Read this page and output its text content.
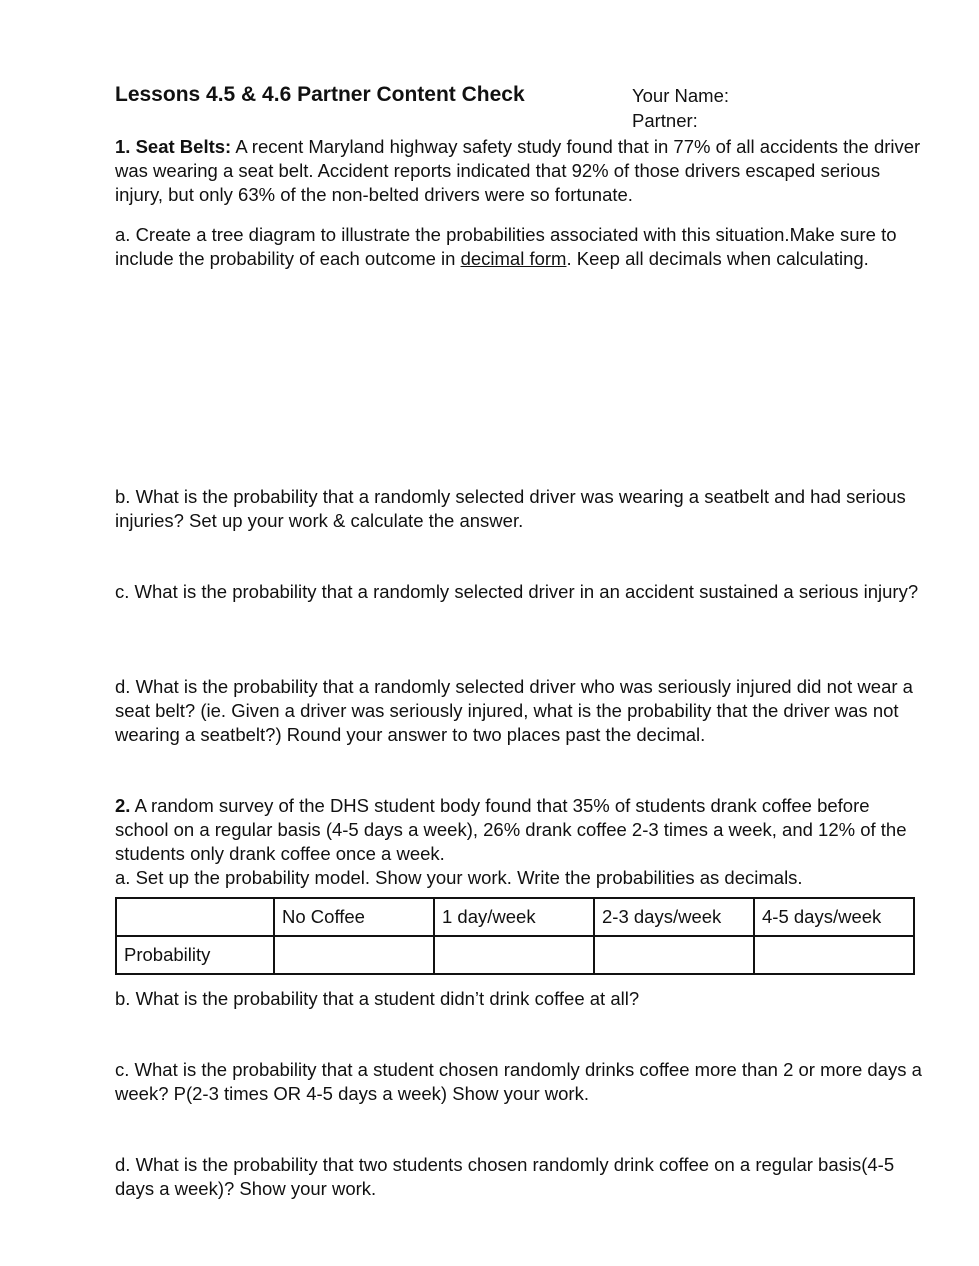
Lessons 4.5 & 4.6 Partner Content Check	Your Name:
Partner:

1. Seat Belts: A recent Maryland highway safety study found that in 77% of all accidents the driver was wearing a seat belt. Accident reports indicated that 92% of those drivers escaped serious injury, but only 63% of the non-belted drivers were so fortunate.

a. Create a tree diagram to illustrate the probabilities associated with this situation.Make sure to include the probability of each outcome in decimal form. Keep all decimals when calculating.

b. What is the probability that a randomly selected driver was wearing a seatbelt and had serious injuries? Set up your work & calculate the answer.

c. What is the probability that a randomly selected driver in an accident sustained a serious injury?

d. What is the probability that a randomly selected driver who was seriously injured did not wear a seat belt? (ie. Given a driver was seriously injured, what is the probability that the driver was not wearing a seatbelt?) Round your answer to two places past the decimal.

2. A random survey of the DHS student body found that 35% of students drank coffee before school on a regular basis (4-5 days a week), 26% drank coffee 2-3 times a week, and 12% of the students only drank coffee once a week.

a. Set up the probability model. Show your work. Write the probabilities as decimals.

	No Coffee	1 day/week	2-3 days/week	4-5 days/week
Probability				

b. What is the probability that a student didn’t drink coffee at all?

c. What is the probability that a student chosen randomly drinks coffee more than 2 or more days a week? P(2-3 times OR 4-5 days a week) Show your work.

d. What is the probability that two students chosen randomly drink coffee on a regular basis(4-5 days a week)? Show your work.
